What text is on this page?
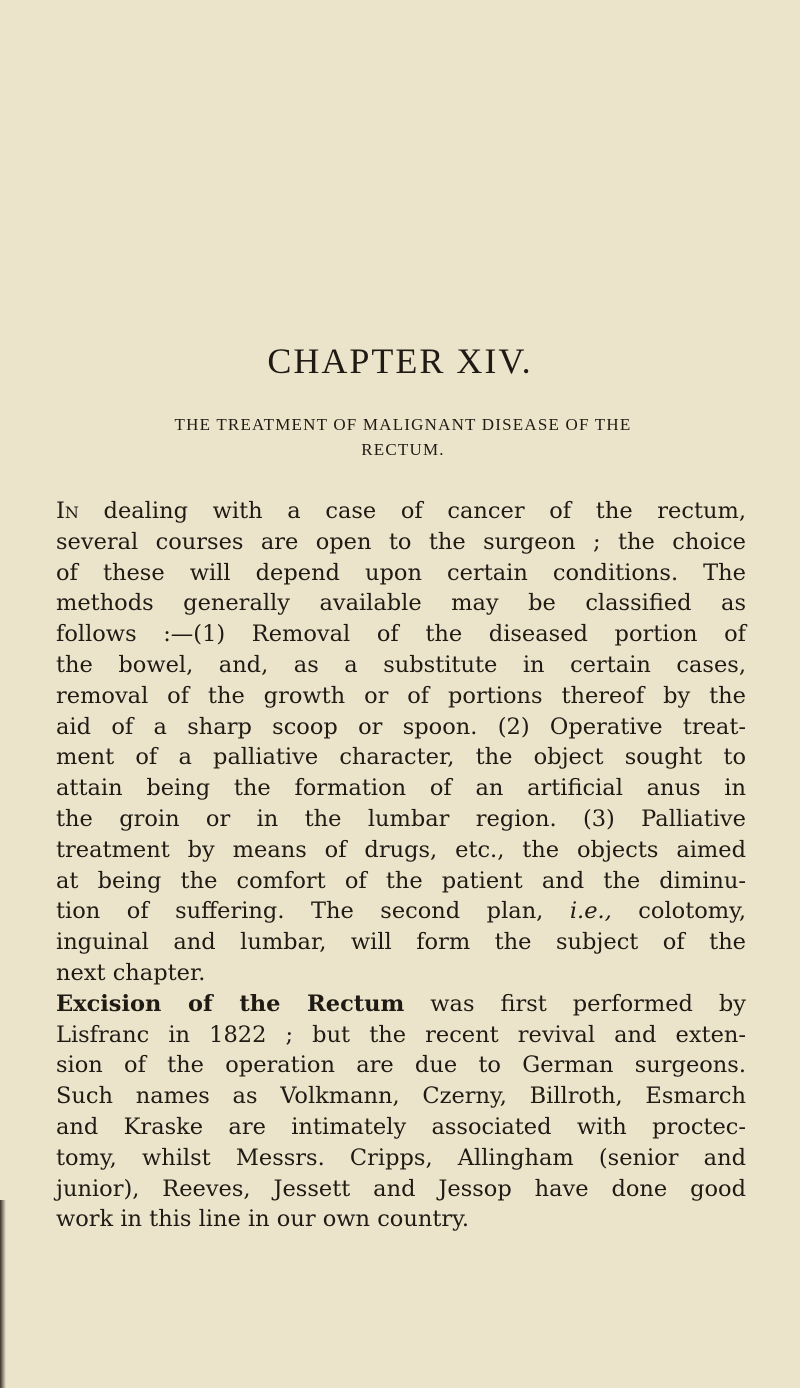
CHAPTER XIV.
THE TREATMENT OF MALIGNANT DISEASE OF THE
RECTUM.
In dealing with a case of cancer of the rectum,
several courses are open to the surgeon ; the choice
of these will depend upon certain conditions. The
methods generally available may be classified as
follows :—(1) Removal of the diseased portion of
the bowel, and, as a substitute in certain cases,
removal of the growth or of portions thereof by the
aid of a sharp scoop or spoon. (2) Operative treat-
ment of a palliative character, the object sought to
attain being the formation of an artificial anus in
the groin or in the lumbar region. (3) Palliative
treatment by means of drugs, etc., the objects aimed
at being the comfort of the patient and the diminu-
tion of suffering. The second plan, i.e., colotomy,
inguinal and lumbar, will form the subject of the
next chapter.
Excision of the Rectum was first performed by
Lisfranc in 1822 ; but the recent revival and exten-
sion of the operation are due to German surgeons.
Such names as Volkmann, Czerny, Billroth, Esmarch
and Kraske are intimately associated with proctec-
tomy, whilst Messrs. Cripps, Allingham (senior and
junior), Reeves, Jessett and Jessop have done good
work in this line in our own country.
